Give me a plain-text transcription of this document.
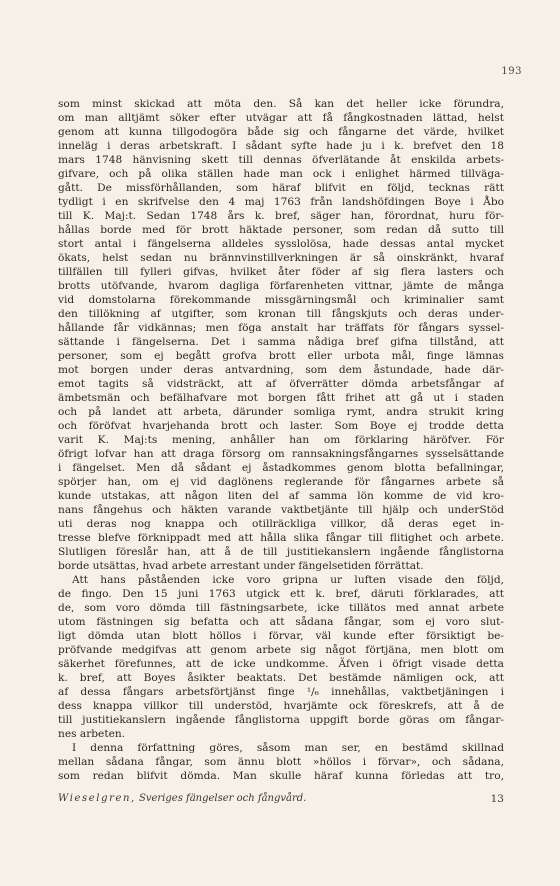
193
som minst skickad att möta den. Så kan det heller icke förundra,
om man alltjämt söker efter utvägar att få fångkostnaden lättad, helst
genom att kunna tillgodogöra både sig och fångarne det värde, hvilket
inneläg i deras arbetskraft. I sådant syfte hade ju i k. brefvet den 18
mars 1748 hänvisning skett till dennas öfverlätande åt enskilda arbets-
gifvare, och på olika ställen hade man ock i enlighet härmed tillväga-
gått. De missförhållanden, som häraf blifvit en följd, tecknas rätt
tydligt i en skrifvelse den 4 maj 1763 från landshöfdingen Boye i Åbo
till K. Maj:t. Sedan 1748 års k. bref, säger han, förordnat, huru för-
hållas borde med för brott häktade personer, som redan då sutto till
stort antal i fängelserna alldeles sysslolösa, hade dessas antal mycket
ökats, helst sedan nu brännvinstillverkningen är så oinskränkt, hvaraf
tillfällen till fylleri gifvas, hvilket åter föder af sig flera lasters och
brotts utöfvande, hvarom dagliga förfarenheten vittnar, jämte de många
vid domstolarna förekommande missgärningsmål och kriminalier samt
den tillökning af utgifter, som kronan till fångskjuts och deras under-
hållande får vidkännas; men föga anstalt har träffats för fångars syssel-
sättande i fängelserna. Det i samma nådiga bref gifna tillstånd, att
personer, som ej begått grofva brott eller urbota mål, finge lämnas
mot borgen under deras antvardning, som dem åstundade, hade där-
emot tagits så vidsträckt, att af öfverrätter dömda arbetsfångar af
ämbetsmän och befälhafvare mot borgen fått frihet att gå ut i staden
och på landet att arbeta, därunder somliga rymt, andra strukit kring
och föröfvat hvarjehanda brott och laster. Som Boye ej trodde detta
varit K. Maj:ts mening, anhåller han om förklaring häröfver. För
öfrigt lofvar han att draga försorg om rannsakningsfångarnes sysselsättande
i fängelset. Men då sådant ej åstadkommes genom blotta befallningar,
spörjer han, om ej vid daglönens reglerande för fångarnes arbete så
kunde utstakas, att någon liten del af samma lön komme de vid kro-
nans fångehus och häkten varande vaktbetjänte till hjälp och underStöd
uti deras nog knappa och otillräckliga villkor, då deras eget in-
tresse blefve förknippadt med att hålla slika fångar till flitighet och arbete.
Slutligen föreslår han, att å de till justitiekanslern ingående fånglistorna
borde utsättas, hvad arbete arrestant under fängelsetiden förrättat.
Att hans påståenden icke voro gripna ur luften visade den följd,
de fingo. Den 15 juni 1763 utgick ett k. bref, däruti förklarades, att
de, som voro dömda till fästningsarbete, icke tillätos med annat arbete
utom fästningen sig befatta och att sådana fångar, som ej voro slut-
ligt dömda utan blott höllos i förvar, väl kunde efter försiktigt be-
pröfvande medgifvas att genom arbete sig något förtjäna, men blott om
säkerhet förefunnes, att de icke undkomme. Äfven i öfrigt visade detta
k. bref, att Boyes åsikter beaktats. Det bestämde nämligen ock, att
af dessa fångars arbetsförtjänst finge ¹/₆ innehållas, vaktbetjäningen i
dess knappa villkor till understöd, hvarjämte ock föreskrefs, att å de
till justitiekanslern ingående fånglistorna uppgift borde göras om fångar-
nes arbeten.
I denna författning göres, såsom man ser, en bestämd skillnad
mellan sådana fångar, som ännu blott »höllos i förvar», och sådana,
som redan blifvit dömda. Man skulle häraf kunna förledas att tro,
Wieselgren, Sveriges fängelser och fångvård.	13
